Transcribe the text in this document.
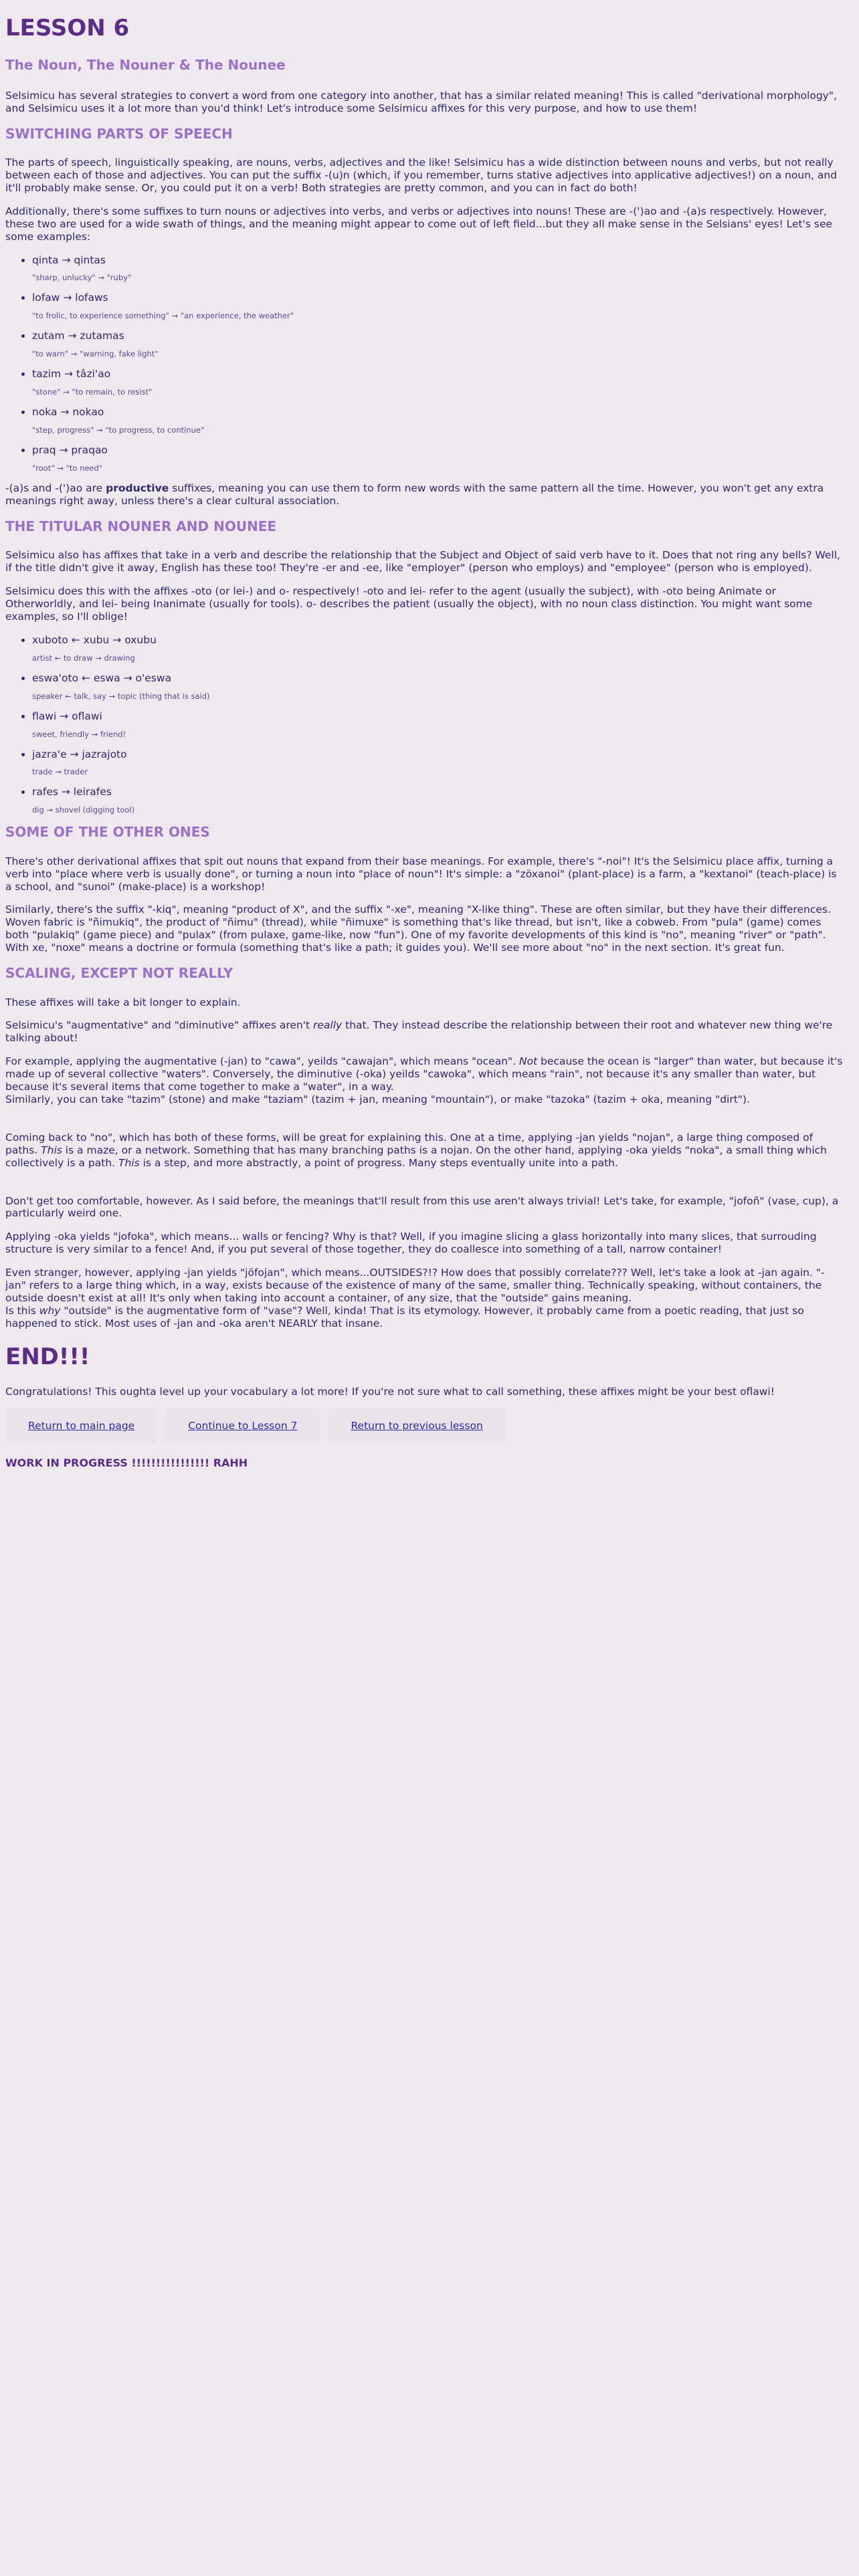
LESSON 6
The Noun, The Nouner & The Nounee

Selsimicu has several strategies to convert a word from one category into another, that has a similar related meaning! This is called "derivational morphology", and Selsimicu uses it a lot more than you'd think! Let's introduce some Selsimicu affixes for this very purpose, and how to use them!

SWITCHING PARTS OF SPEECH

The parts of speech, linguistically speaking, are nouns, verbs, adjectives and the like! Selsimicu has a wide distinction between nouns and verbs, but not really between each of those and adjectives. You can put the suffix -(u)n (which, if you remember, turns stative adjectives into applicative adjectives!) on a noun, and it'll probably make sense. Or, you could put it on a verb! Both strategies are pretty common, and you can in fact do both!

Additionally, there's some suffixes to turn nouns or adjectives into verbs, and verbs or adjectives into nouns! These are -(')ao and -(a)s respectively. However, these two are used for a wide swath of things, and the meaning might appear to come out of left field...but they all make sense in the Selsians' eyes! Let's see some examples:

• qinta → qintas
"sharp, unlucky" → "ruby"
• lofaw → lofaws
"to frolic, to experience something" → "an experience, the weather"
• zutam → zutamas
"to warn" → "warning, fake light"
• tazim → tâzi'ao
"stone" → "to remain, to resist"
• noka → nokao
"step, progress" → "to progress, to continue"
• praq → praqao
"root" → "to need"

-(a)s and -(')ao are productive suffixes, meaning you can use them to form new words with the same pattern all the time. However, you won't get any extra meanings right away, unless there's a clear cultural association.

THE TITULAR NOUNER AND NOUNEE

Selsimicu also has affixes that take in a verb and describe the relationship that the Subject and Object of said verb have to it. Does that not ring any bells? Well, if the title didn't give it away, English has these too! They're -er and -ee, like "employer" (person who employs) and "employee" (person who is employed).

Selsimicu does this with the affixes -oto (or lei-) and o- respectively! -oto and lei- refer to the agent (usually the subject), with -oto being Animate or Otherworldly, and lei- being Inanimate (usually for tools). o- describes the patient (usually the object), with no noun class distinction. You might want some examples, so I'll oblige!

• xuboto ← xubu → oxubu
artist ← to draw → drawing
• eswa'oto ← eswa → o'eswa
speaker ← talk, say → topic (thing that is said)
• flawi → oflawi
sweet, friendly → friend!
• jazra'e → jazrajoto
trade → trader
• rafes → leirafes
dig → shovel (digging tool)
SOME OF THE OTHER ONES

There's other derivational affixes that spit out nouns that expand from their base meanings. For example, there's "-noi"! It's the Selsimicu place affix, turning a verb into "place where verb is usually done", or turning a noun into "place of noun"! It's simple: a "zöxanoi" (plant-place) is a farm, a "kextanoi" (teach-place) is a school, and "sunoi" (make-place) is a workshop!

Similarly, there's the suffix "-kiq", meaning "product of X", and the suffix "-xe", meaning "X-like thing". These are often similar, but they have their differences. Woven fabric is "ñimukiq", the product of "ñimu" (thread), while "ñimuxe" is something that's like thread, but isn't, like a cobweb. From "pula" (game) comes both "pulakiq" (game piece) and "pulax" (from pulaxe, game-like, now "fun"). One of my favorite developments of this kind is "no", meaning "river" or "path". With xe, "noxe" means a doctrine or formula (something that's like a path; it guides you). We'll see more about "no" in the next section. It's great fun.

SCALING, EXCEPT NOT REALLY

These affixes will take a bit longer to explain.

Selsimicu's "augmentative" and "diminutive" affixes aren't really that. They instead describe the relationship between their root and whatever new thing we're talking about!

For example, applying the augmentative (-jan) to "cawa", yeilds "cawajan", which means "ocean". Not because the ocean is "larger" than water, but because it's made up of several collective "waters". Conversely, the diminutive (-oka) yeilds "cawoka", which means "rain", not because it's any smaller than water, but because it's several items that come together to make a "water", in a way.
Similarly, you can take "tazim" (stone) and make "taziam" (tazim + jan, meaning "mountain"), or make "tazoka" (tazim + oka, meaning "dirt").

Coming back to "no", which has both of these forms, will be great for explaining this. One at a time, applying -jan yields "nojan", a large thing composed of paths. This is a maze, or a network. Something that has many branching paths is a nojan. On the other hand, applying -oka yields "noka", a small thing which collectively is a path. This is a step, and more abstractly, a point of progress. Many steps eventually unite into a path.

Don't get too comfortable, however. As I said before, the meanings that'll result from this use aren't always trivial! Let's take, for example, "jofoñ" (vase, cup), a particularly weird one.

Applying -oka yields "jofoka", which means... walls or fencing? Why is that? Well, if you imagine slicing a glass horizontally into many slices, that surrouding structure is very similar to a fence! And, if you put several of those together, they do coallesce into something of a tall, narrow container!

Even stranger, however, applying -jan yields "jöfojan", which means...OUTSIDES?!? How does that possibly correlate??? Well, let's take a look at -jan again. "-jan" refers to a large thing which, in a way, exists because of the existence of many of the same, smaller thing. Technically speaking, without containers, the outside doesn't exist at all! It's only when taking into account a container, of any size, that the "outside" gains meaning.
Is this why "outside" is the augmentative form of "vase"? Well, kinda! That is its etymology. However, it probably came from a poetic reading, that just so happened to stick. Most uses of -jan and -oka aren't NEARLY that insane.

END!!!

Congratulations! This oughta level up your vocabulary a lot more! If you're not sure what to call something, these affixes might be your best oflawi!

Return to main page	Continue to Lesson 7	Return to previous lesson
WORK IN PROGRESS !!!!!!!!!!!!!!!! RAHH
